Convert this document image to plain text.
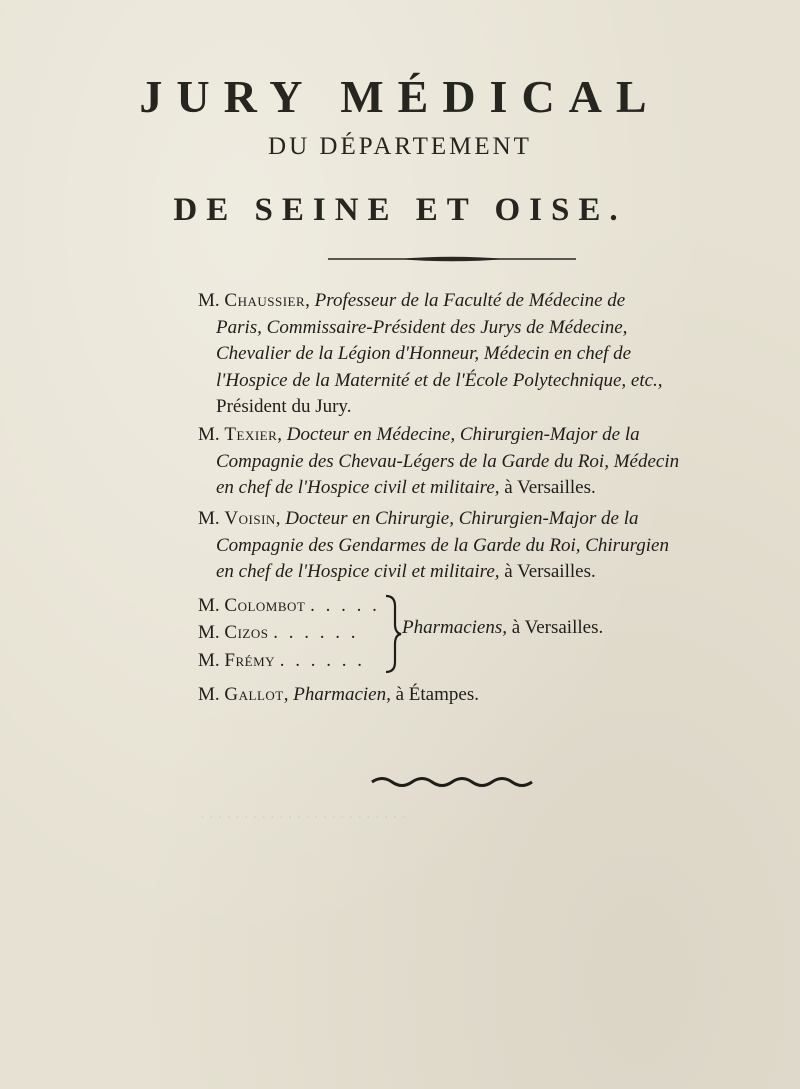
· · · · · · · · · · · · · · · · · · · · · · · ·
JURY MÉDICAL
DU DÉPARTEMENT
DE SEINE ET OISE.
M. Chaussier, Professeur de la Faculté de Médecine de
Paris, Commissaire-Président des Jurys de Médecine,
Chevalier de la Légion d'Honneur, Médecin en chef de
l'Hospice de la Maternité et de l'École Polytechnique, etc.,
Président du Jury.
M. Texier, Docteur en Médecine, Chirurgien-Major de la
Compagnie des Chevau-Légers de la Garde du Roi, Médecin
en chef de l'Hospice civil et militaire, à Versailles.
M. Voisin, Docteur en Chirurgie, Chirurgien-Major de la
Compagnie des Gendarmes de la Garde du Roi, Chirurgien
en chef de l'Hospice civil et militaire, à Versailles.
M. Colombot . . . . .
M. Cizos . . . . . .
M. Frémy . . . . . .
Pharmaciens, à Versailles.
M. Gallot, Pharmacien, à Étampes.
